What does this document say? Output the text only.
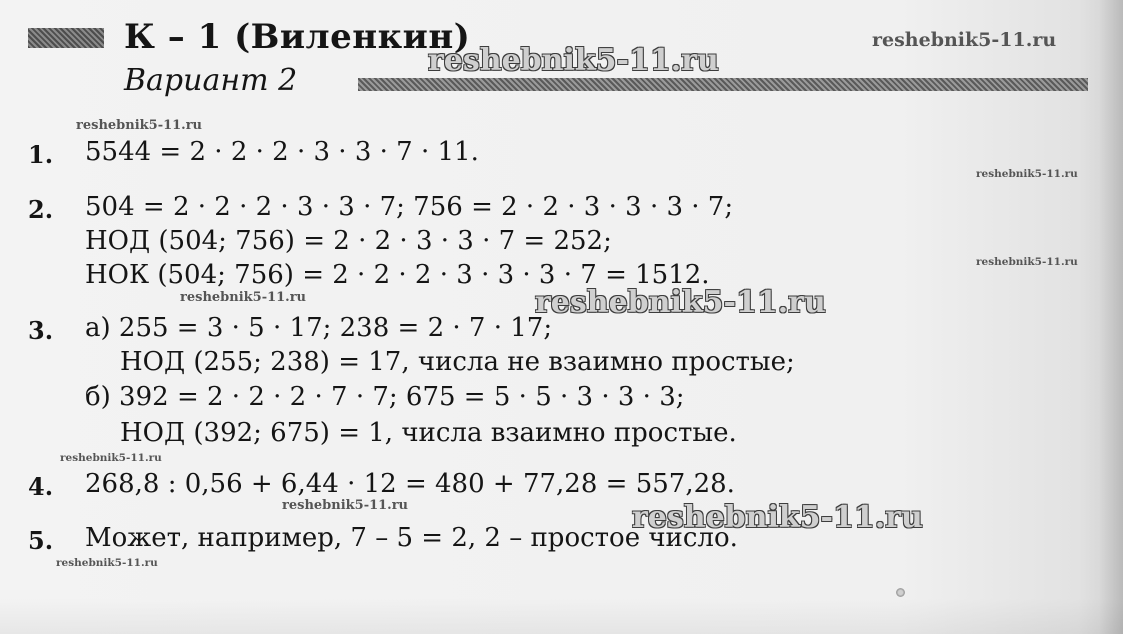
К – 1 (Виленкин)
Вариант 2
1. 5544 = 2 · 2 · 2 · 3 · 3 · 7 · 11.
2. 504 = 2 · 2 · 2 · 3 · 3 · 7; 756 = 2 · 2 · 3 · 3 · 3 · 7;
НОД (504; 756) = 2 · 2 · 3 · 3 · 7 = 252;
НОК (504; 756) = 2 · 2 · 2 · 3 · 3 · 3 · 7 = 1512.
3. а) 255 = 3 · 5 · 17; 238 = 2 · 7 · 17;
НОД (255; 238) = 17, числа не взаимно простые;
б) 392 = 2 · 2 · 2 · 7 · 7; 675 = 5 · 5 · 3 · 3 · 3;
НОД (392; 675) = 1, числа взаимно простые.
4. 268,8 : 0,56 + 6,44 · 12 = 480 + 77,28 = 557,28.
5. Может, например, 7 – 5 = 2, 2 – простое число.
reshebnik5-11.ru
reshebnik5-11.ru
reshebnik5-11.ru
reshebnik5-11.ru
reshebnik5-11.ru
reshebnik5-11.ru	reshebnik5-11.ru
reshebnik5-11.ru
reshebnik5-11.ru	reshebnik5-11.ru
reshebnik5-11.ru
